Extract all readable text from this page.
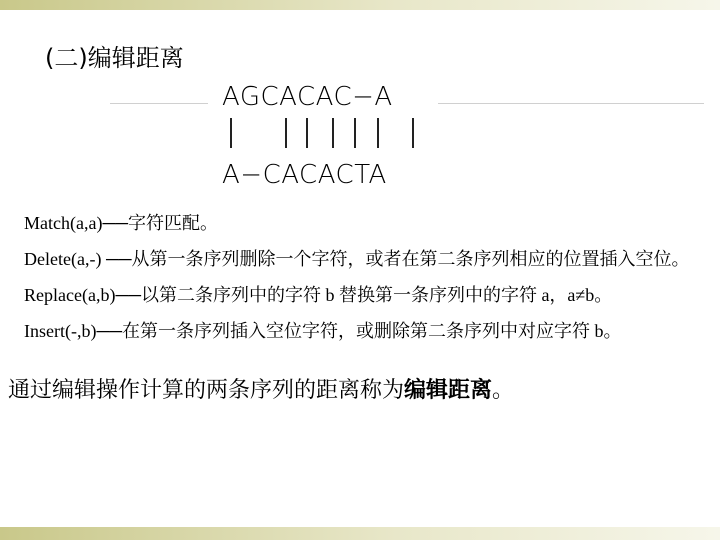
(二)编辑距离
AGCACAC−A
A−CACACTA
Match(a,a)──字符匹配。
Delete(a,-) ──从第一条序列删除一个字符，或者在第二条序列相应的位置插入空位。
Replace(a,b)──以第二条序列中的字符 b 替换第一条序列中的字符 a，a≠b。
Insert(-,b)──在第一条序列插入空位字符，或删除第二条序列中对应字符 b。
通过编辑操作计算的两条序列的距离称为编辑距离。
